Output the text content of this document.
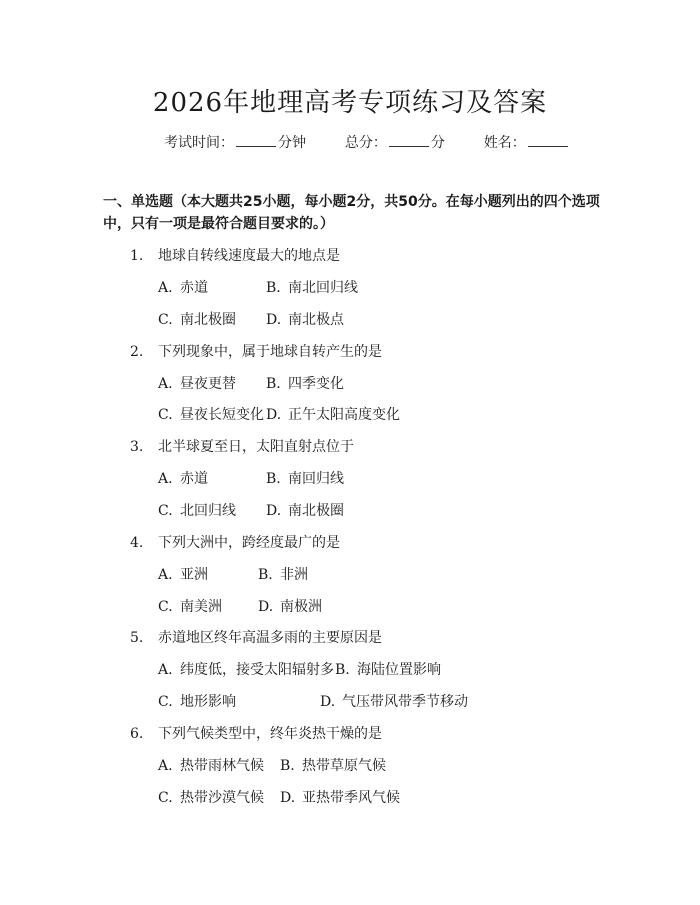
2026年地理高考专项练习及答案
考试时间：	分钟	总分：	分	姓名：
一、单选题（本大题共25小题，每小题2分，共50分。在每小题列出的四个选项中，只有一项是最符合题目要求的。）
1. 地球自转线速度最大的地点是
A. 赤道	B. 南北回归线
C. 南北极圈 D. 南北极点
2. 下列现象中，属于地球自转产生的是
A. 昼夜更替 B. 四季变化
C. 昼夜长短变化 D. 正午太阳高度变化
3. 北半球夏至日，太阳直射点位于
A. 赤道	B. 南回归线
C. 北回归线 D. 南北极圈
4. 下列大洲中，跨经度最广的是
A. 亚洲	B. 非洲
C. 南美洲	D. 南极洲
5. 赤道地区终年高温多雨的主要原因是
A. 纬度低，接受太阳辐射多 B. 海陆位置影响
C. 地形影响	D. 气压带风带季节移动
6. 下列气候类型中，终年炎热干燥的是
A. 热带雨林气候 B. 热带草原气候
C. 热带沙漠气候 D. 亚热带季风气候
